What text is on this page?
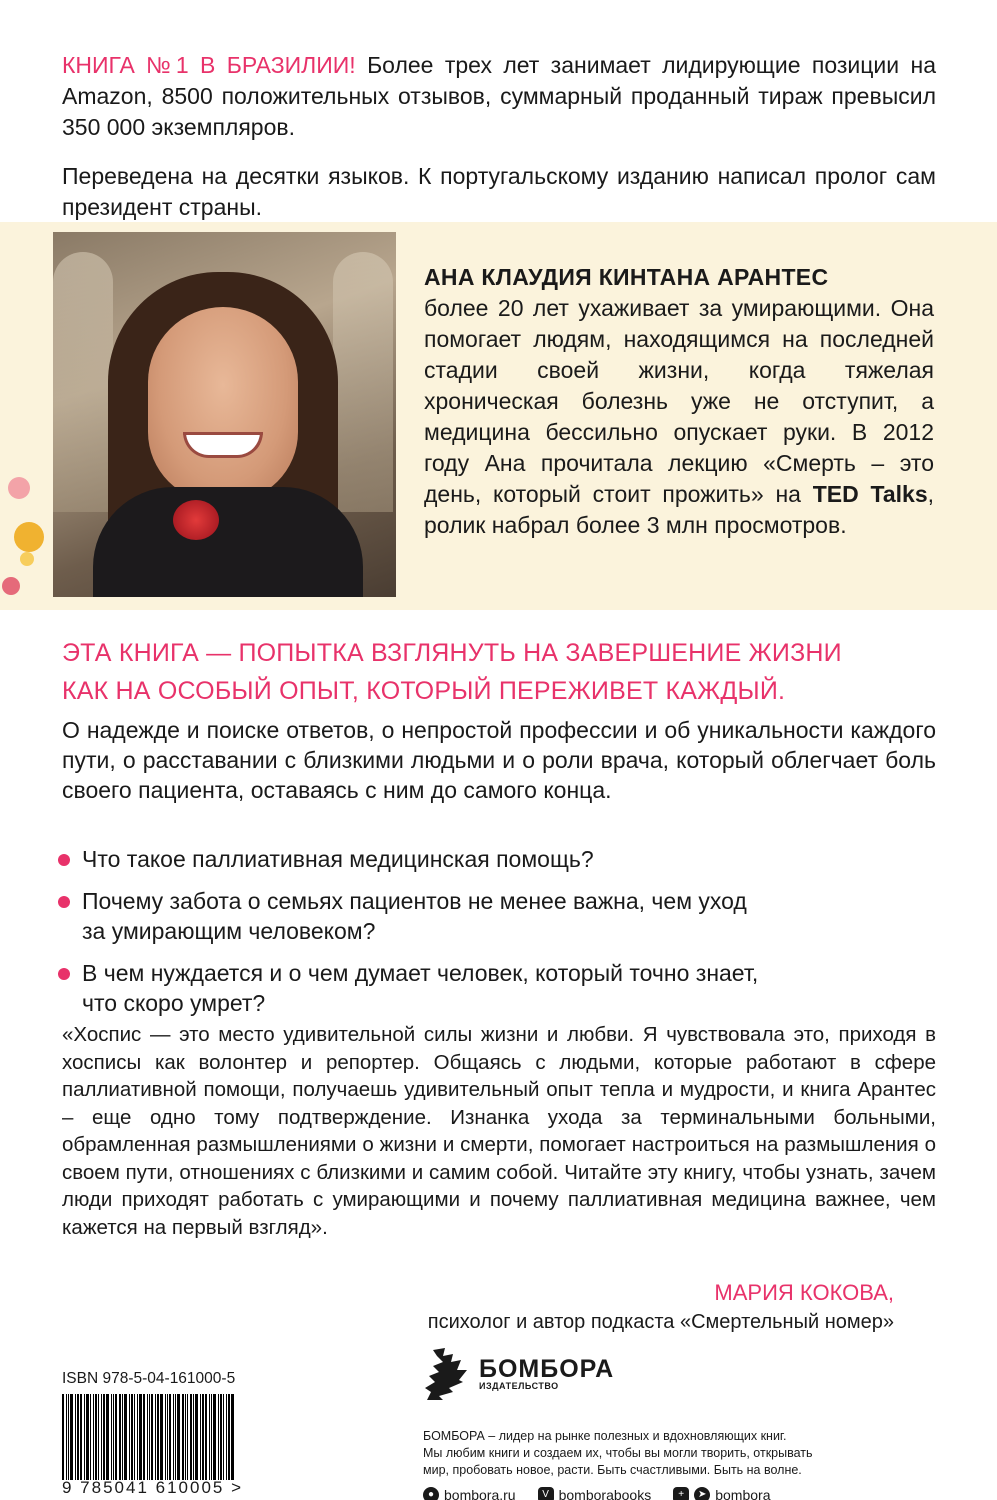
КНИГА №1 В БРАЗИЛИИ! Более трех лет занимает лидирующие позиции на Amazon, 8500 положительных отзывов, суммарный проданный тираж превысил 350 000 экземпляров.

Переведена на десятки языков. К португальскому изданию написал пролог сам президент страны.

АНА КЛАУДИЯ КИНТАНА АРАНТЕС
более 20 лет ухаживает за умирающими. Она помогает людям, находящимся на последней стадии своей жизни, когда тяжелая хроническая болезнь уже не отступит, а медицина бессильно опускает руки. В 2012 году Ана прочитала лекцию «Смерть – это день, который стоит прожить» на TED Talks, ролик набрал более 3 млн просмотров.
ЭТА КНИГА — ПОПЫТКА ВЗГЛЯНУТЬ НА ЗАВЕРШЕНИЕ ЖИЗНИ
КАК НА ОСОБЫЙ ОПЫТ, КОТОРЫЙ ПЕРЕЖИВЕТ КАЖДЫЙ.

О надежде и поиске ответов, о непростой профессии и об уникальности каждого пути, о расставании с близкими людьми и о роли врача, который облегчает боль своего пациента, оставаясь с ним до самого конца.

Что такое паллиативная медицинская помощь?
Почему забота о семьях пациентов не менее важна, чем уход
за умирающим человеком?
В чем нуждается и о чем думает человек, который точно знает,
что скоро умрет?

«Хоспис — это место удивительной силы жизни и любви. Я чувствовала это, приходя в хосписы как волонтер и репортер. Общаясь с людьми, которые работают в сфере паллиативной помощи, получаешь удивительный опыт тепла и мудрости, и книга Арантес – еще одно тому подтверждение. Изнанка ухода за терминальными больными, обрамленная размышлениями о жизни и смерти, помогает настроиться на размышления о своем пути, отношениях с близкими и самим собой. Читайте эту книгу, чтобы узнать, зачем люди приходят работать с умирающими и почему паллиативная медицина важнее, чем кажется на первый взгляд».

МАРИЯ КОКОВА,
психолог и автор подкаста «Смертельный номер»
ISBN 978-5-04-161000-5
9 785041 610005 >
БОМБОРА
ИЗДАТЕЛЬСТВО
БОМБОРА – лидер на рынке полезных и вдохновляющих книг.
Мы любим книги и создаем их, чтобы вы могли творить, открывать
мир, пробовать новое, расти. Быть счастливыми. Быть на волне.
● bombora.ru	V bomborabooks	+	➤ bombora
